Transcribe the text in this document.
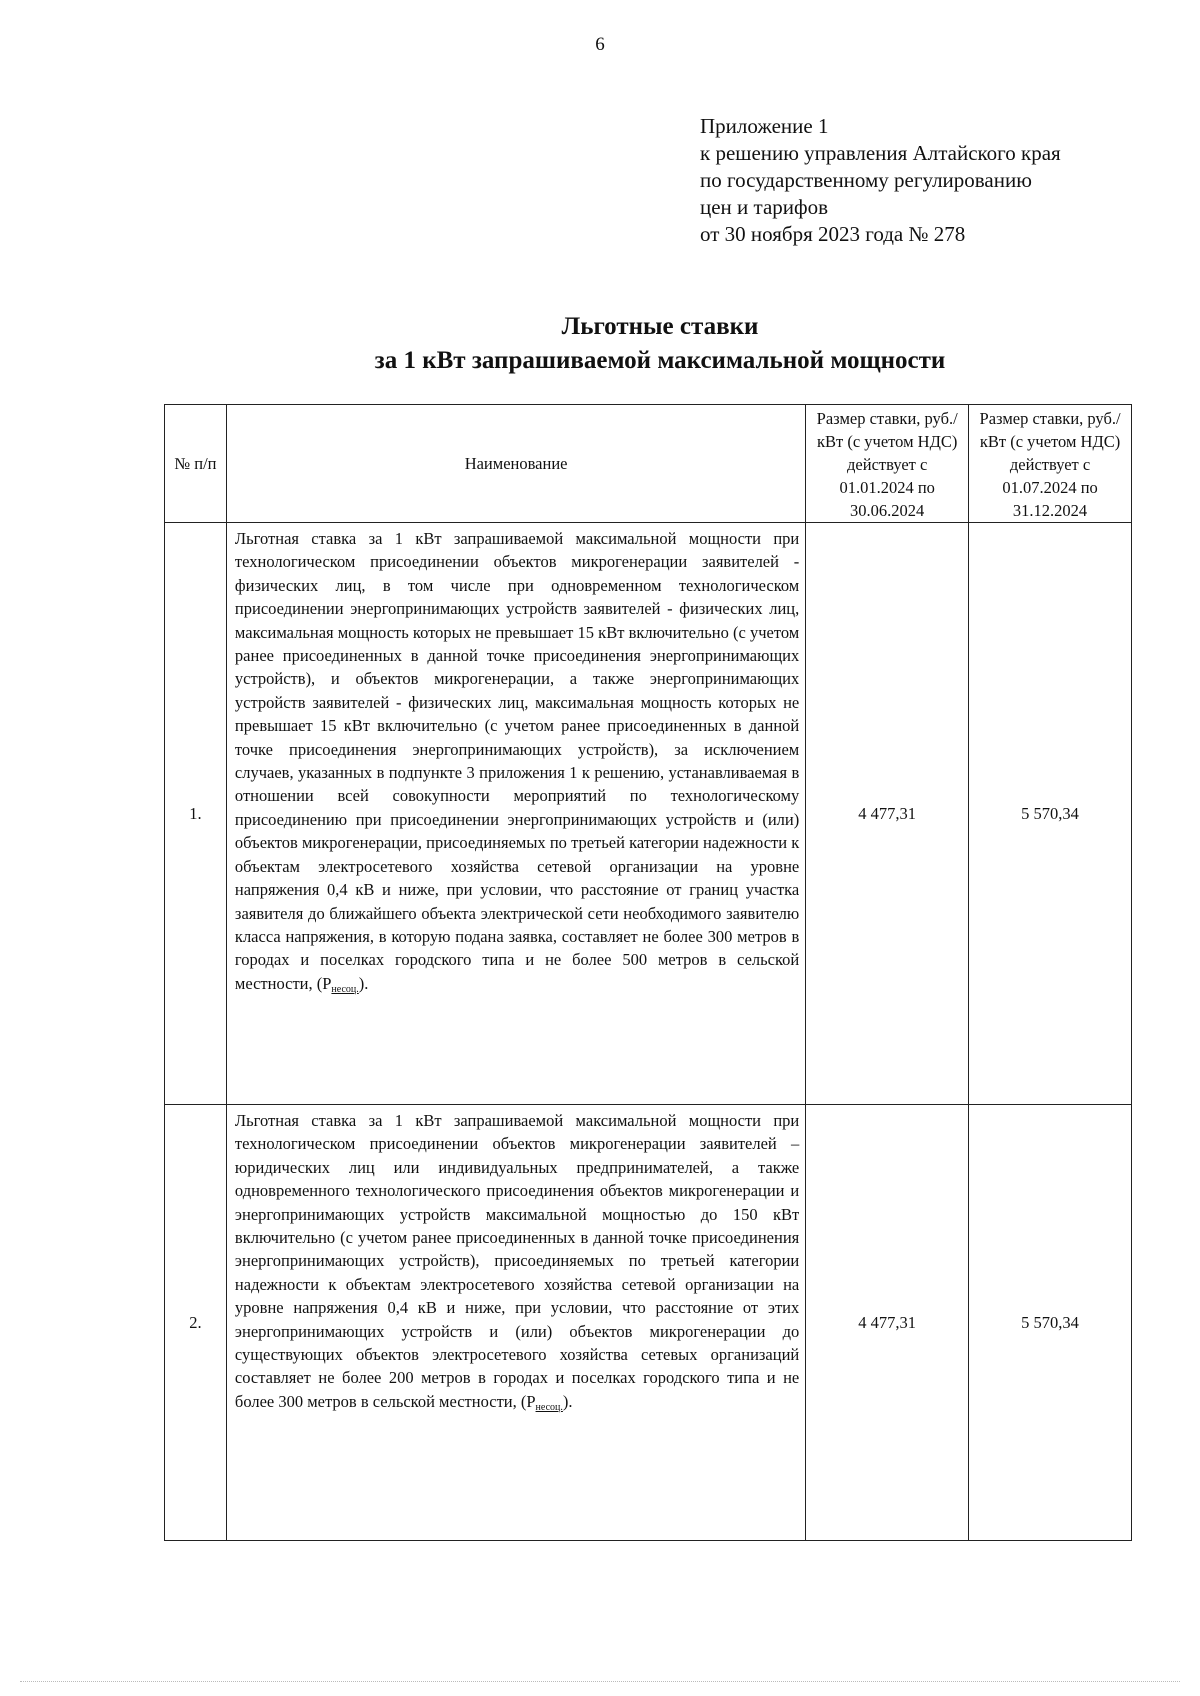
6
Приложение 1
к решению управления Алтайского края
по государственному регулированию
цен и тарифов
от 30 ноября 2023 года № 278
Льготные ставки
за 1 кВт запрашиваемой максимальной мощности
№ п/п	Наименование	Размер ставки, руб./кВт (с учетом НДС) действует с 01.01.2024 по 30.06.2024	Размер ставки, руб./кВт (с учетом НДС) действует с 01.07.2024 по 31.12.2024
1.	Льготная ставка за 1 кВт запрашиваемой максимальной мощности при технологическом присоединении объектов микрогенерации заявителей - физических лиц, в том числе при одновременном технологическом присоединении энергопринимающих устройств заявителей - физических лиц, максимальная мощность которых не превышает 15 кВт включительно (с учетом ранее присоединенных в данной точке присоединения энергопринимающих устройств), и объектов микрогенерации, а также энергопринимающих устройств заявителей - физических лиц, максимальная мощность которых не превышает 15 кВт включительно (с учетом ранее присоединенных в данной точке присоединения энергопринимающих устройств), за исключением случаев, указанных в подпункте 3 приложения 1 к решению, устанавливаемая в отношении всей совокупности мероприятий по технологическому присоединению при присоединении энергопринимающих устройств и (или) объектов микрогенерации, присоединяемых по третьей категории надежности к объектам электросетевого хозяйства сетевой организации на уровне напряжения 0,4 кВ и ниже, при условии, что расстояние от границ участка заявителя до ближайшего объекта электрической сети необходимого заявителю класса напряжения, в которую подана заявка, составляет не более 300 метров в городах и поселках городского типа и не более 500 метров в сельской местности, $(P_{несоц.})$.	4 477,31	5 570,34
2.	Льготная ставка за 1 кВт запрашиваемой максимальной мощности при технологическом присоединении объектов микрогенерации заявителей – юридических лиц или индивидуальных предпринимателей, а также одновременного технологического присоединения объектов микрогенерации и энергопринимающих устройств максимальной мощностью до 150 кВт включительно (с учетом ранее присоединенных в данной точке присоединения энергопринимающих устройств), присоединяемых по третьей категории надежности к объектам электросетевого хозяйства сетевой организации на уровне напряжения 0,4 кВ и ниже, при условии, что расстояние от этих энергопринимающих устройств и (или) объектов микрогенерации до существующих объектов электросетевого хозяйства сетевых организаций составляет не более 200 метров в городах и поселках городского типа и не более 300 метров в сельской местности, $(P_{несоц.})$.	4 477,31	5 570,34
